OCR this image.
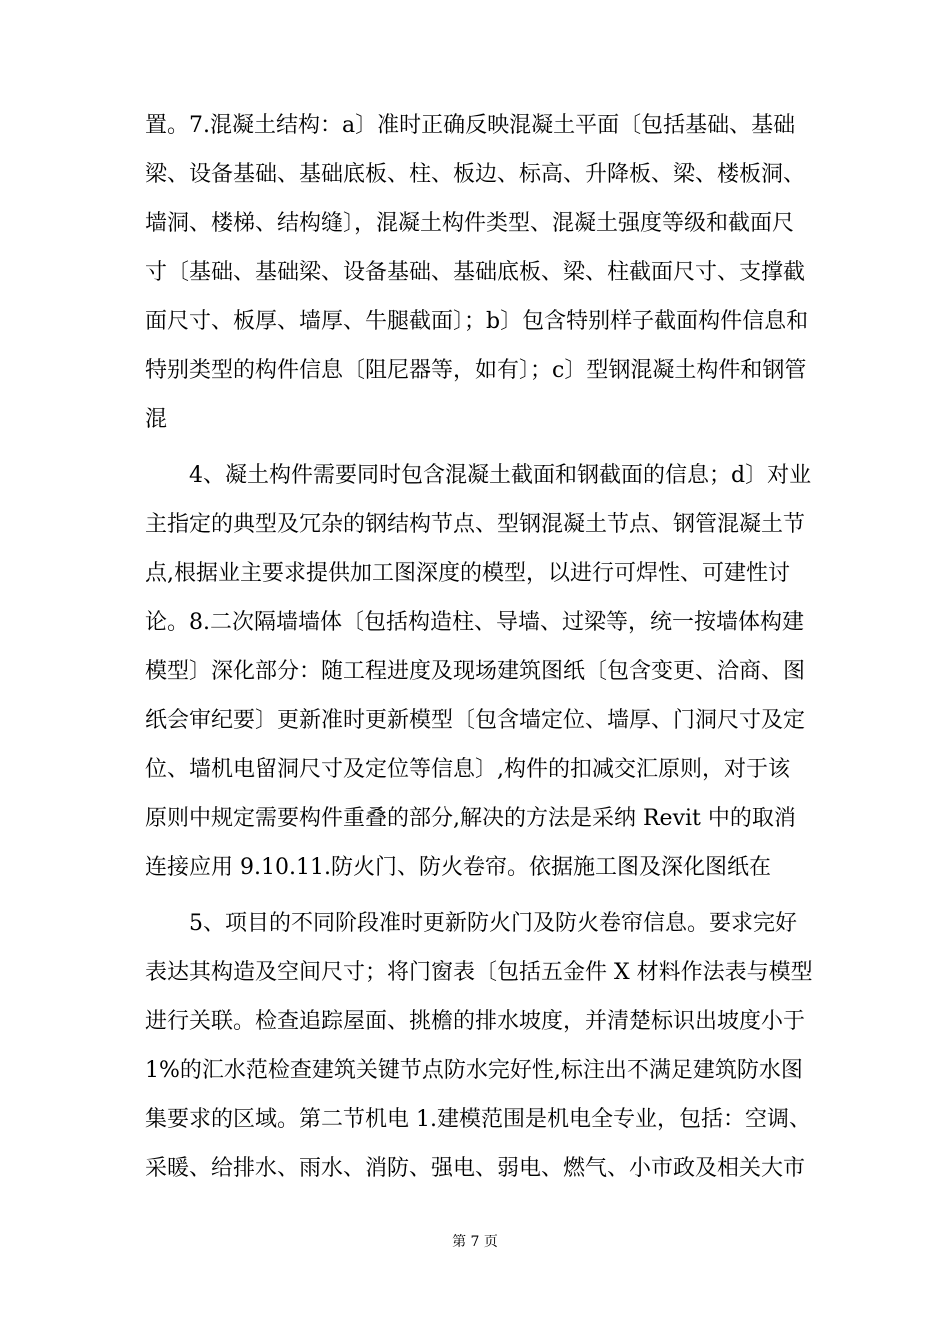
置。7.混凝土结构：a〕准时正确反映混凝土平面〔包括基础、基础
梁、设备基础、基础底板、柱、板边、标高、升降板、梁、楼板洞、
墙洞、楼梯、结构缝〕，混凝土构件类型、混凝土强度等级和截面尺
寸〔基础、基础梁、设备基础、基础底板、梁、柱截面尺寸、支撑截
面尺寸、板厚、墙厚、牛腿截面〕；b〕包含特别样子截面构件信息和
特别类型的构件信息〔阻尼器等，如有〕；c〕型钢混凝土构件和钢管
混
4、凝土构件需要同时包含混凝土截面和钢截面的信息；d〕对业
主指定的典型及冗杂的钢结构节点、型钢混凝土节点、钢管混凝土节
点,根据业主要求提供加工图深度的模型，以进行可焊性、可建性讨
论。8.二次隔墙墙体〔包括构造柱、导墙、过梁等，统一按墙体构建
模型〕深化部分：随工程进度及现场建筑图纸〔包含变更、洽商、图
纸会审纪要〕更新准时更新模型〔包含墙定位、墙厚、门洞尺寸及定
位、墙机电留洞尺寸及定位等信息〕,构件的扣减交汇原则，对于该
原则中规定需要构件重叠的部分,解决的方法是采纳 Revit 中的取消
连接应用 9.10.11.防火门、防火卷帘。依据施工图及深化图纸在
5、项目的不同阶段准时更新防火门及防火卷帘信息。要求完好
表达其构造及空间尺寸；将门窗表〔包括五金件 X 材料作法表与模型
进行关联。检查追踪屋面、挑檐的排水坡度，并清楚标识出坡度小于
1%的汇水范检查建筑关键节点防水完好性,标注出不满足建筑防水图
集要求的区域。第二节机电 1.建模范围是机电全专业，包括：空调、
采暖、给排水、雨水、消防、强电、弱电、燃气、小市政及相关大市
第 7 页
